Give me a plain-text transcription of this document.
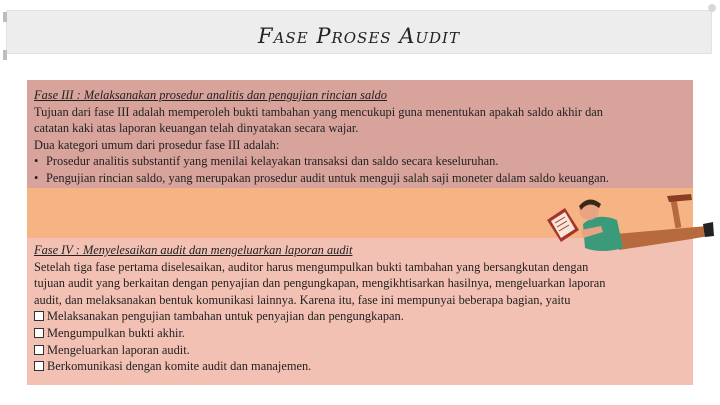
Fase Proses Audit
Fase III : Melaksanakan prosedur analitis dan pengujian rincian saldo
Tujuan dari fase III adalah memperoleh bukti tambahan yang mencukupi guna menentukan apakah saldo akhir dan
catatan kaki atas laporan keuangan telah dinyatakan secara wajar.
Dua kategori umum dari prosedur fase III adalah:
• Prosedur analitis substantif yang menilai kelayakan transaksi dan saldo secara keseluruhan.
• Pengujian rincian saldo, yang merupakan prosedur audit untuk menguji salah saji moneter dalam saldo keuangan.
Fase IV : Menyelesaikan audit dan mengeluarkan laporan audit
Setelah tiga fase pertama diselesaikan, auditor harus mengumpulkan bukti tambahan yang bersangkutan dengan
tujuan audit yang berkaitan dengan penyajian dan pengungkapan, mengikhtisarkan hasilnya, mengeluarkan laporan
audit, dan melaksanakan bentuk komunikasi lainnya. Karena itu, fase ini mempunyai beberapa bagian, yaitu
Melaksanakan pengujian tambahan untuk penyajian dan pengungkapan.
Mengumpulkan bukti akhir.
Mengeluarkan laporan audit.
Berkomunikasi dengan komite audit dan manajemen.
